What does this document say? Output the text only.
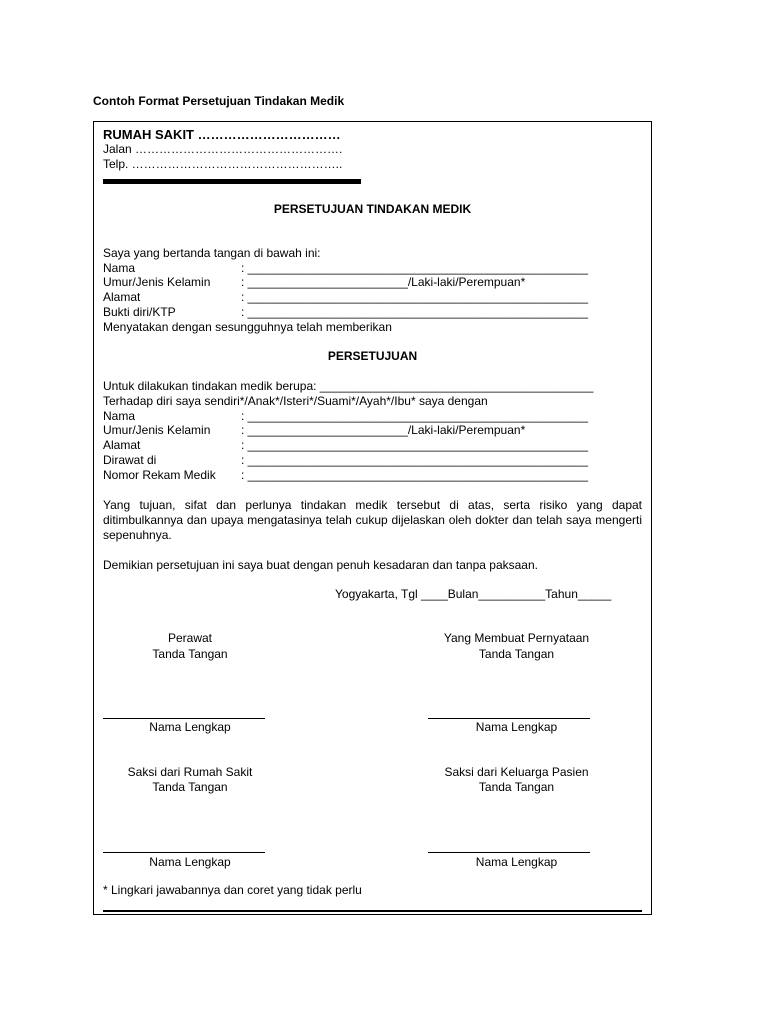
Contoh Format Persetujuan Tindakan Medik
RUMAH SAKIT ……………………………
Jalan …………………………………………….
Telp. ……………………………………………..
PERSETUJUAN TINDAKAN MEDIK
Saya yang bertanda tangan di bawah ini:
Nama	: ___________________________________________________
Umur/Jenis Kelamin	: ________________________/Laki-laki/Perempuan*
Alamat	: ___________________________________________________
Bukti diri/KTP	: ___________________________________________________
Menyatakan dengan sesungguhnya telah memberikan
PERSETUJUAN
Untuk dilakukan tindakan medik berupa: _________________________________________
Terhadap diri saya sendiri*/Anak*/Isteri*/Suami*/Ayah*/Ibu* saya dengan
Nama	: ___________________________________________________
Umur/Jenis Kelamin	: ________________________/Laki-laki/Perempuan*
Alamat	: ___________________________________________________
Dirawat di	: ___________________________________________________
Nomor Rekam Medik : ___________________________________________________
Yang tujuan, sifat dan perlunya tindakan medik tersebut di atas, serta risiko yang dapat ditimbulkannya dan upaya mengatasinya telah cukup dijelaskan oleh dokter dan telah saya mengerti sepenuhnya.
Demikian persetujuan ini saya buat dengan penuh kesadaran dan tanpa paksaan.
Yogyakarta, Tgl ____Bulan__________Tahun_____
Perawat
Tanda Tangan
Nama Lengkap
Yang Membuat Pernyataan
Tanda Tangan
Nama Lengkap
Saksi dari Rumah Sakit
Tanda Tangan
Nama Lengkap
Saksi dari Keluarga Pasien
Tanda Tangan
Nama Lengkap
* Lingkari jawabannya dan coret yang tidak perlu
